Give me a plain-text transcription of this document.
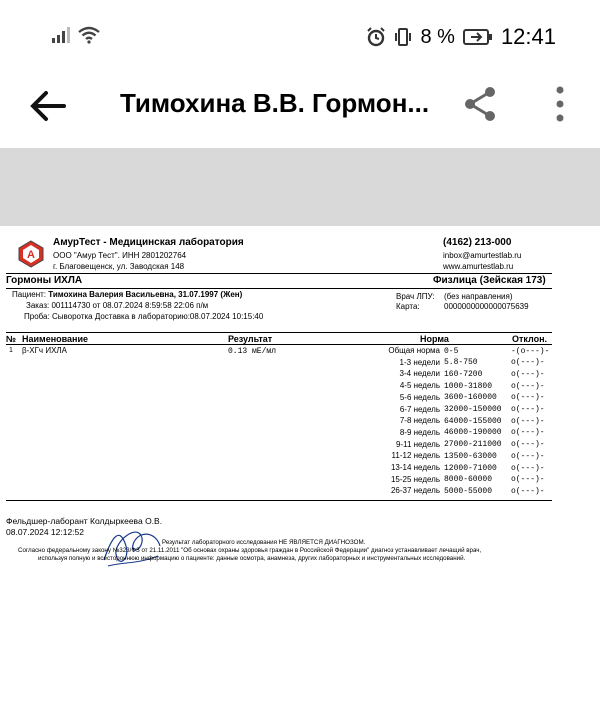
8 % 12:41
Тимохина В.В. Гормон...
A
АмурТест - Медицинская лаборатория
ООО "Амур Тест". ИНН 2801202764
г. Благовещенск, ул. Заводская 148
(4162) 213-000
inbox@amurtestlab.ru
www.amurtestlab.ru
Гормоны ИХЛА	Физлица (Зейская 173)
Пациент: Тимохина Валерия Васильевна, 31.07.1997 (Жен)
Заказ: 001114730 от 08.07.2024 8:59:58 22:06 п/м
Проба: Сыворотка Доставка в лабораторию:08.07.2024 10:15:40
Врач ЛПУ: (без направления)
Карта:	0000000000000075639
№ Наименование	Результат	Норма	Отклон.
1 β-ХГч ИХЛА	0.13 мЕ/мл	Общая норма 0-5	-(o---)-
1-3 недели 5.8-750	o(---)-
3-4 недели 160-7200	o(---)-
4-5 недель 1000-31800 o(---)-
5-6 недель 3600-160000 o(---)-
6-7 недель 32000-150000 o(---)-
7-8 недель 64000-155000 o(---)-
8-9 недель 46000-190000 o(---)-
9-11 недель 27000-211000 o(---)-
11-12 недель 13500-63000 o(---)-
13-14 недель 12000-71000 o(---)-
15-25 недель 8000-60000 o(---)-
26-37 недель 5000-55000 o(---)-
Фельдшер-лаборант Колдыркеева О.В.
08.07.2024 12:12:52
Результат лабораторного исследования НЕ ЯВЛЯЕТСЯ ДИАГНОЗОМ.
Согласно федеральному закону №323/ФЗ от 21.11.2011 "Об основах охраны здоровья граждан в Российской Федерации" диагноз устанавливает лечащий врач,
используя полную и всестороннюю информацию о пациенте: данные осмотра, анамнеза, других лабораторных и инструментальных исследований.
